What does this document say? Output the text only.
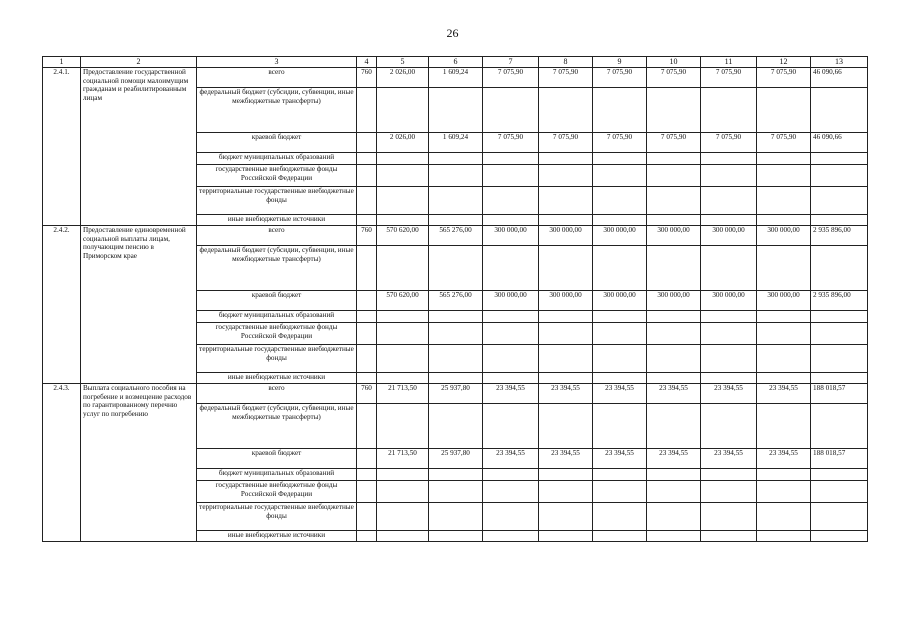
26
1	2	3	4	5	6	7	8	9	10	11	12	13
2.4.1.	Предоставление государственной социальной помощи малоимущим гражданам и реабилитированным лицам	всего	760	2 026,00	1 609,24	7 075,90	7 075,90	7 075,90	7 075,90	7 075,90	7 075,90	46 090,66
		федеральный бюджет (субсидии, субвенции, иные межбюджетные трансферты)										
		краевой бюджет		2 026,00	1 609,24	7 075,90	7 075,90	7 075,90	7 075,90	7 075,90	7 075,90	46 090,66
		бюджет муниципальных образований										
		государственные внебюджетные фонды Российской Федерации										
		территориальные государственные внебюджетные фонды										
		иные внебюджетные источники										
2.4.2.	Предоставление единовременной социальной выплаты лицам, получающим пенсию в Приморском крае	всего	760	570 620,00	565 276,00	300 000,00	300 000,00	300 000,00	300 000,00	300 000,00	300 000,00	2 935 896,00
		федеральный бюджет (субсидии, субвенции, иные межбюджетные трансферты)										
		краевой бюджет		570 620,00	565 276,00	300 000,00	300 000,00	300 000,00	300 000,00	300 000,00	300 000,00	2 935 896,00
		бюджет муниципальных образований										
		государственные внебюджетные фонды Российской Федерации										
		территориальные государственные внебюджетные фонды										
		иные внебюджетные источники										
2.4.3.	Выплата социального пособия на погребение и возмещение расходов по гарантированному перечню услуг по погребению	всего	760	21 713,50	25 937,80	23 394,55	23 394,55	23 394,55	23 394,55	23 394,55	23 394,55	188 018,57
		федеральный бюджет (субсидии, субвенции, иные межбюджетные трансферты)										
		краевой бюджет		21 713,50	25 937,80	23 394,55	23 394,55	23 394,55	23 394,55	23 394,55	23 394,55	188 018,57
		бюджет муниципальных образований										
		государственные внебюджетные фонды Российской Федерации										
		территориальные государственные внебюджетные фонды										
		иные внебюджетные источники										
